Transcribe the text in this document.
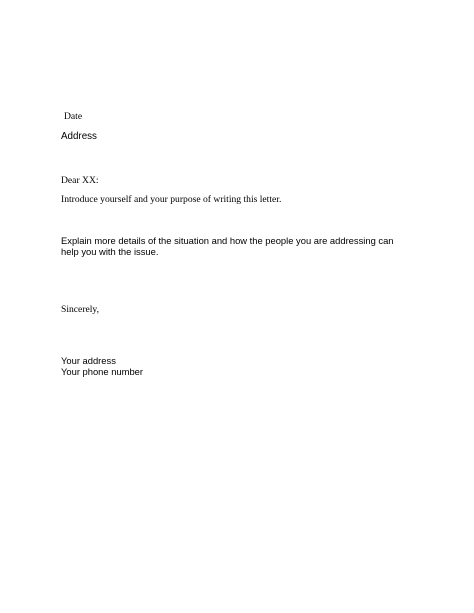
Date
Address
Dear XX:
Introduce yourself and your purpose of writing this letter.
Explain more details of the situation and how the people you are addressing can
help you with the issue.
Sincerely,
Your address
Your phone number
